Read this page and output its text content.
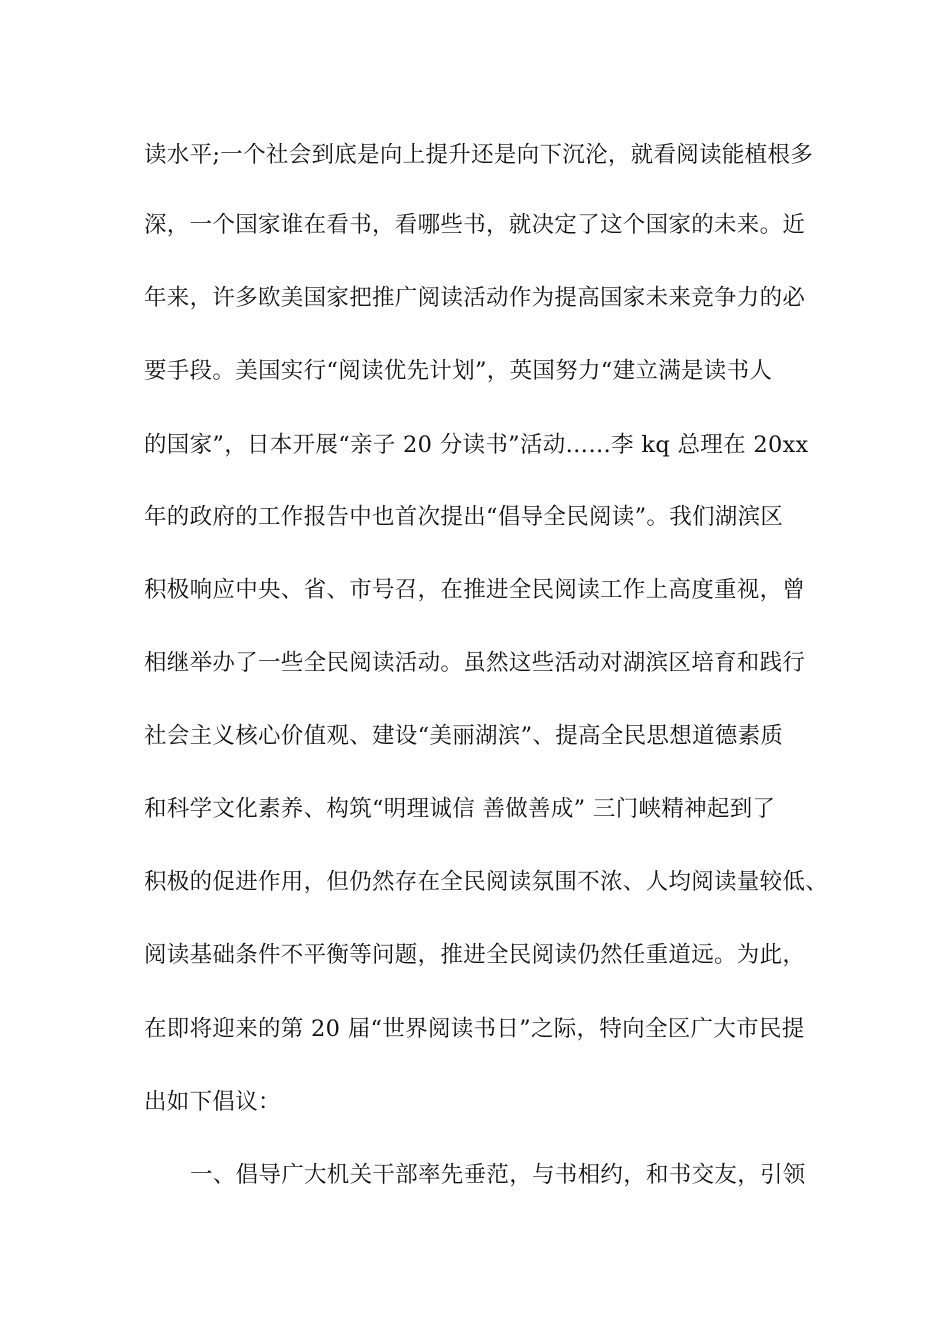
读水平;一个社会到底是向上提升还是向下沉沦，就看阅读能植根多
深，一个国家谁在看书，看哪些书，就决定了这个国家的未来。近
年来，许多欧美国家把推广阅读活动作为提高国家未来竞争力的必
要手段。美国实行“阅读优先计划”，英国努力“建立满是读书人
的国家”，日本开展“亲子 20 分读书”活动……李 kq 总理在 20xx
年的政府的工作报告中也首次提出“倡导全民阅读”。我们湖滨区
积极响应中央、省、市号召，在推进全民阅读工作上高度重视，曾
相继举办了一些全民阅读活动。虽然这些活动对湖滨区培育和践行
社会主义核心价值观、建设“美丽湖滨”、提高全民思想道德素质
和科学文化素养、构筑“明理诚信 善做善成” 三门峡精神起到了
积极的促进作用，但仍然存在全民阅读氛围不浓、人均阅读量较低、
阅读基础条件不平衡等问题，推进全民阅读仍然任重道远。为此，
在即将迎来的第 20 届“世界阅读书日”之际，特向全区广大市民提
出如下倡议：
一、倡导广大机关干部率先垂范，与书相约，和书交友，引领
